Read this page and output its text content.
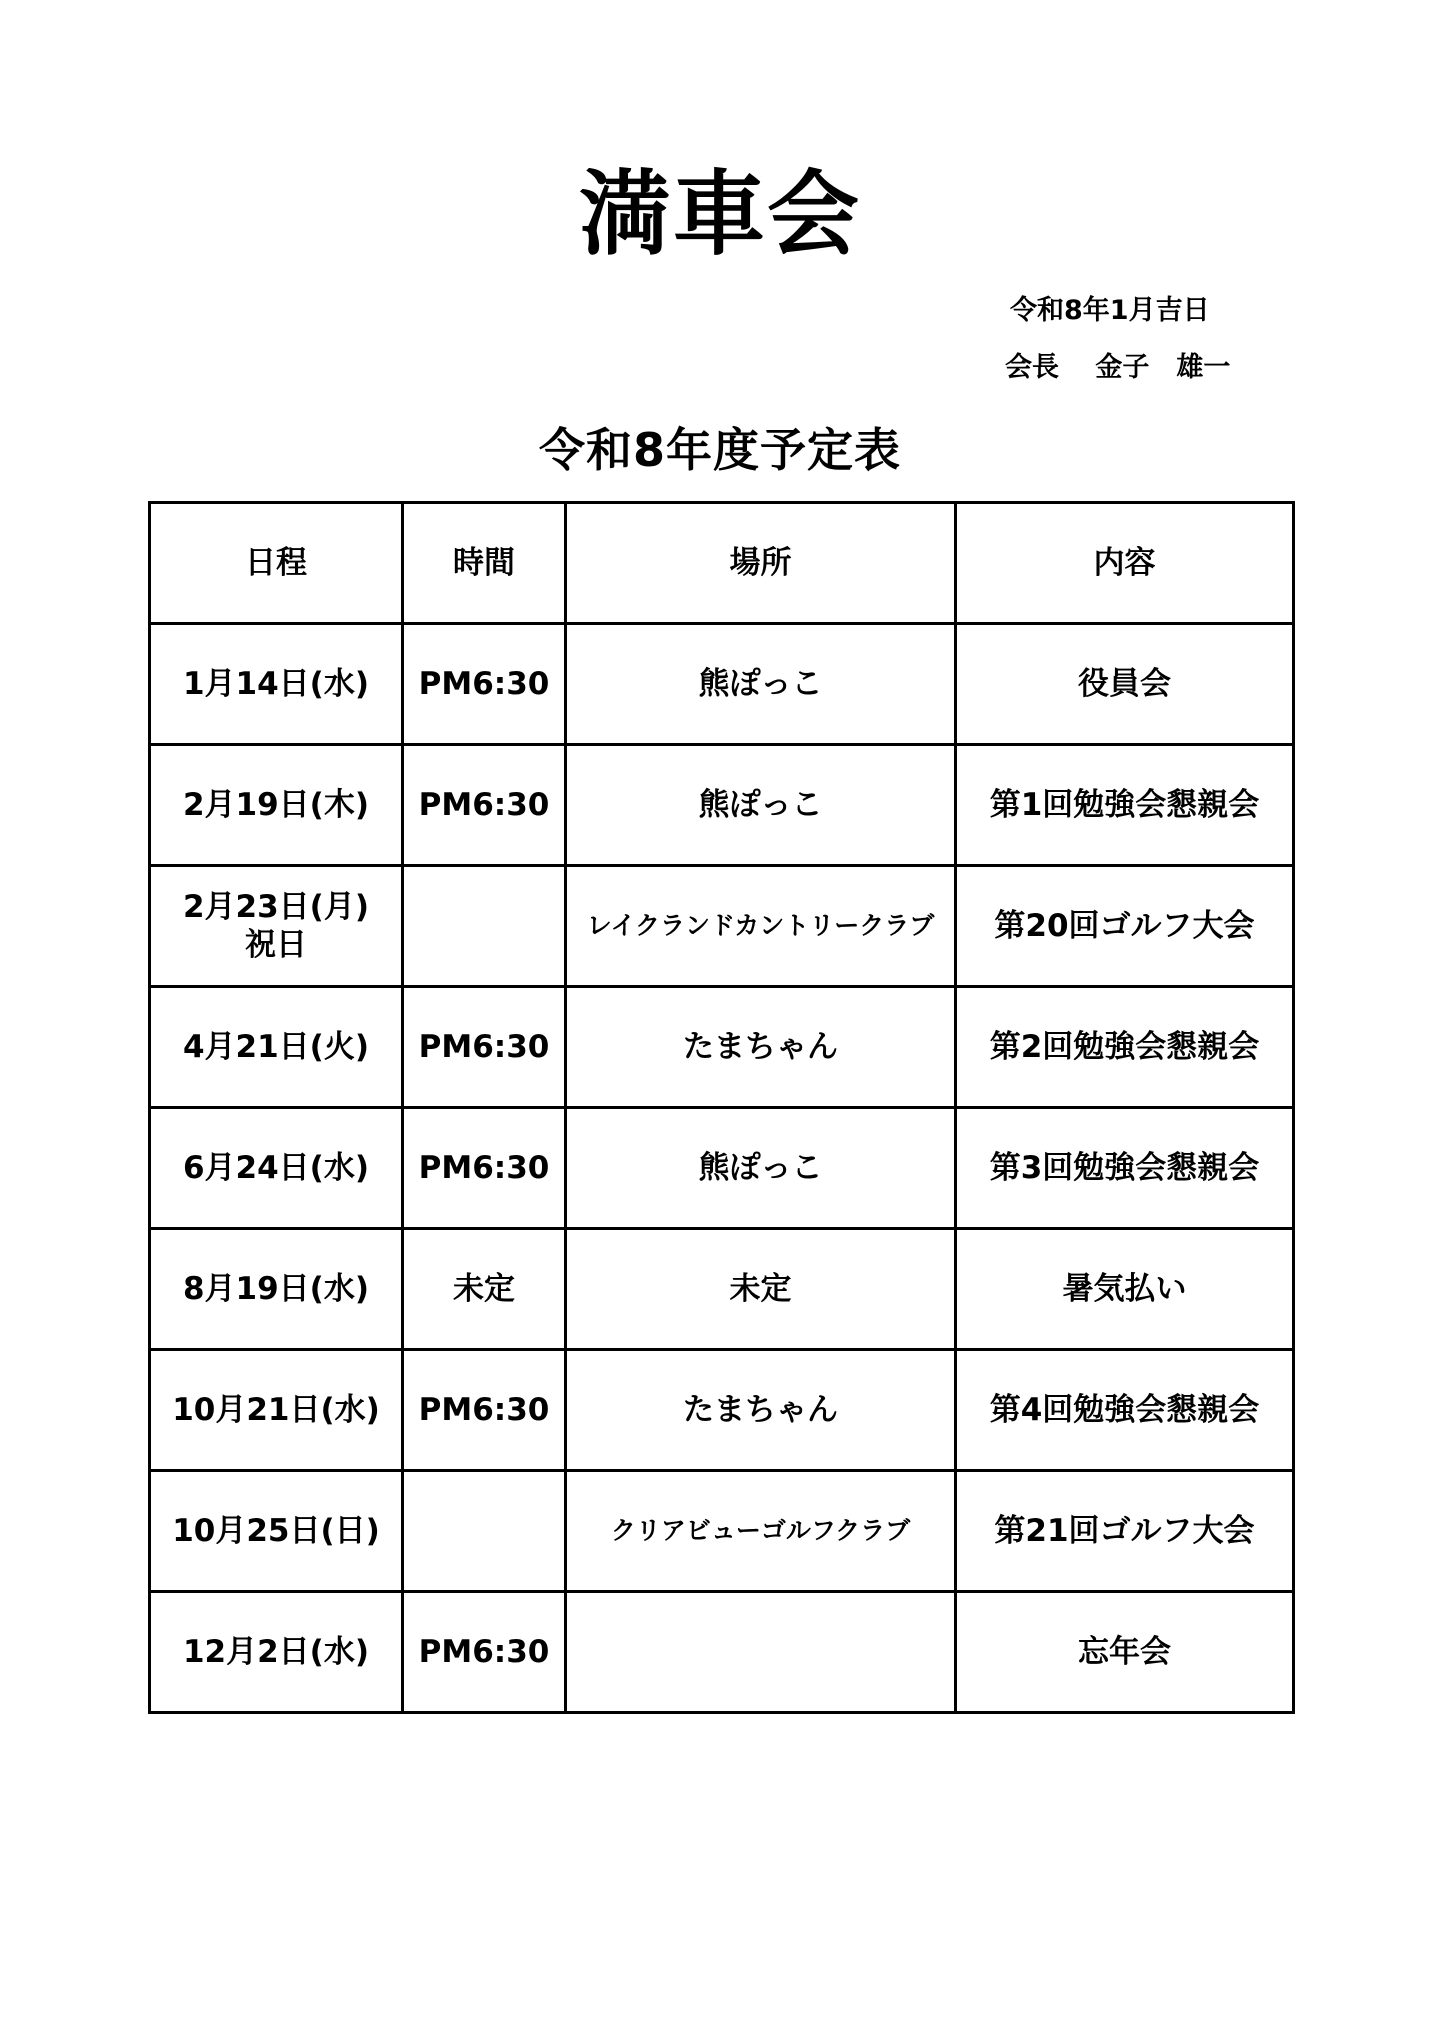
満車会
令和8年1月吉日
会長　 金子　雄一
令和8年度予定表
日程	時間	場所	内容
1月14日(水)	PM6:30	熊ぽっこ	役員会
2月19日(木)	PM6:30	熊ぽっこ	第1回勉強会懇親会

2月23日(月)
祝日		レイクランドカントリークラブ	第20回ゴルフ大会
4月21日(火)	PM6:30	たまちゃん	第2回勉強会懇親会
6月24日(水)	PM6:30	熊ぽっこ	第3回勉強会懇親会
8月19日(水)	未定	未定	暑気払い
10月21日(水)	PM6:30	たまちゃん	第4回勉強会懇親会
10月25日(日)		クリアビューゴルフクラブ	第21回ゴルフ大会
12月2日(水)	PM6:30		忘年会
